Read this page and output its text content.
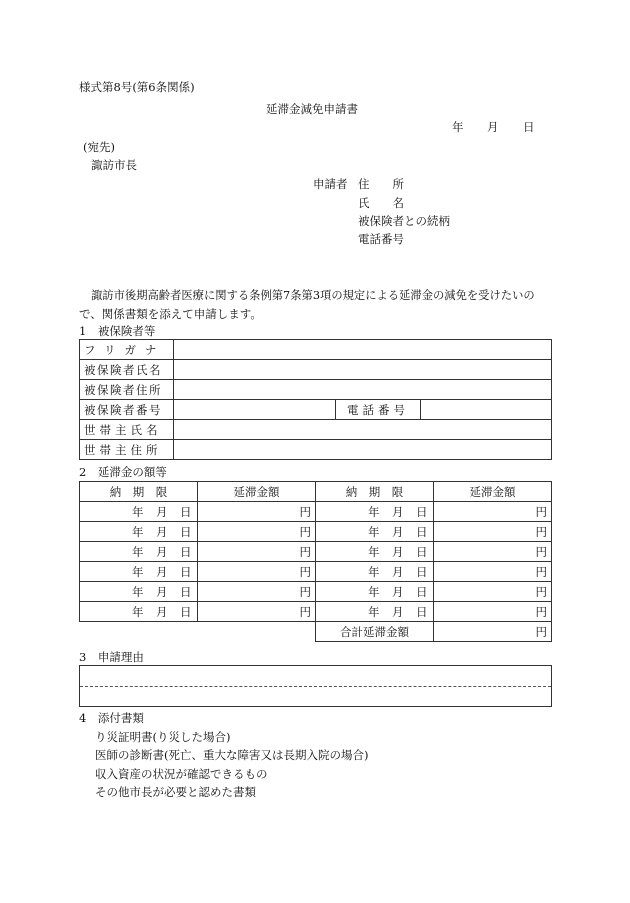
様式第8号(第6条関係)
延滞金減免申請書
年 月 日
(宛先)
諏訪市長
申請者 住　　所
氏　　名
被保険者との続柄
電話番号
諏訪市後期高齢者医療に関する条例第7条第3項の規定による延滞金の減免を受けたいの
で、関係書類を添えて申請します。
1　被保険者等
フリガナ			
被保険者氏名			
被保険者住所			
被保険者番号		電話番号	
世帯主氏名			
世帯主住所			
2　延滞金の額等
納　期　限	延滞金額	納　期　限	延滞金額
年 月 日	円	年 月 日	円
年 月 日	円	年 月 日	円
年 月 日	円	年 月 日	円
年 月 日	円	年 月 日	円
年 月 日	円	年 月 日	円
年 月 日	円	年 月 日	円
		合計延滞金額	円
3　申請理由
4　添付書類
り災証明書(り災した場合)
医師の診断書(死亡、重大な障害又は長期入院の場合)
収入資産の状況が確認できるもの
その他市長が必要と認めた書類
